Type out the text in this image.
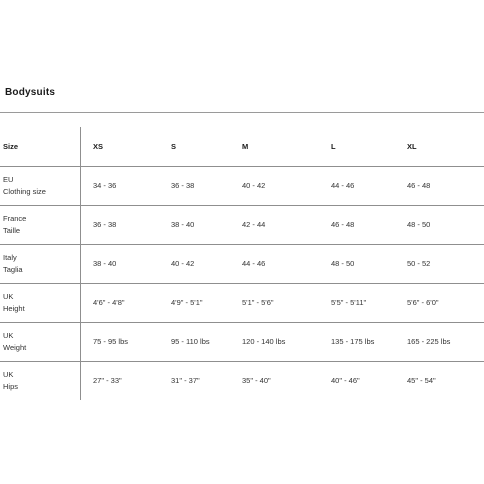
Bodysuits
Size	XS	S	M	L	XL
EU
Clothing size
34 - 36	36 - 38	40 - 42	44 - 46	46 - 48
France
Taille
36 - 38	38 - 40	42 - 44	46 - 48	48 - 50
Italy
Taglia
38 - 40	40 - 42	44 - 46	48 - 50	50 - 52
UK
Height
4'6" - 4'8"	4'9" - 5'1"	5'1" - 5'6"	5'5" - 5'11"	5'6" - 6'0"
UK
Weight
75 - 95 lbs	95 - 110 lbs	120 - 140 lbs	135 - 175 lbs	165 - 225 lbs
UK
Hips
27" - 33"	31" - 37"	35" - 40"	40" - 46"	45" - 54"
